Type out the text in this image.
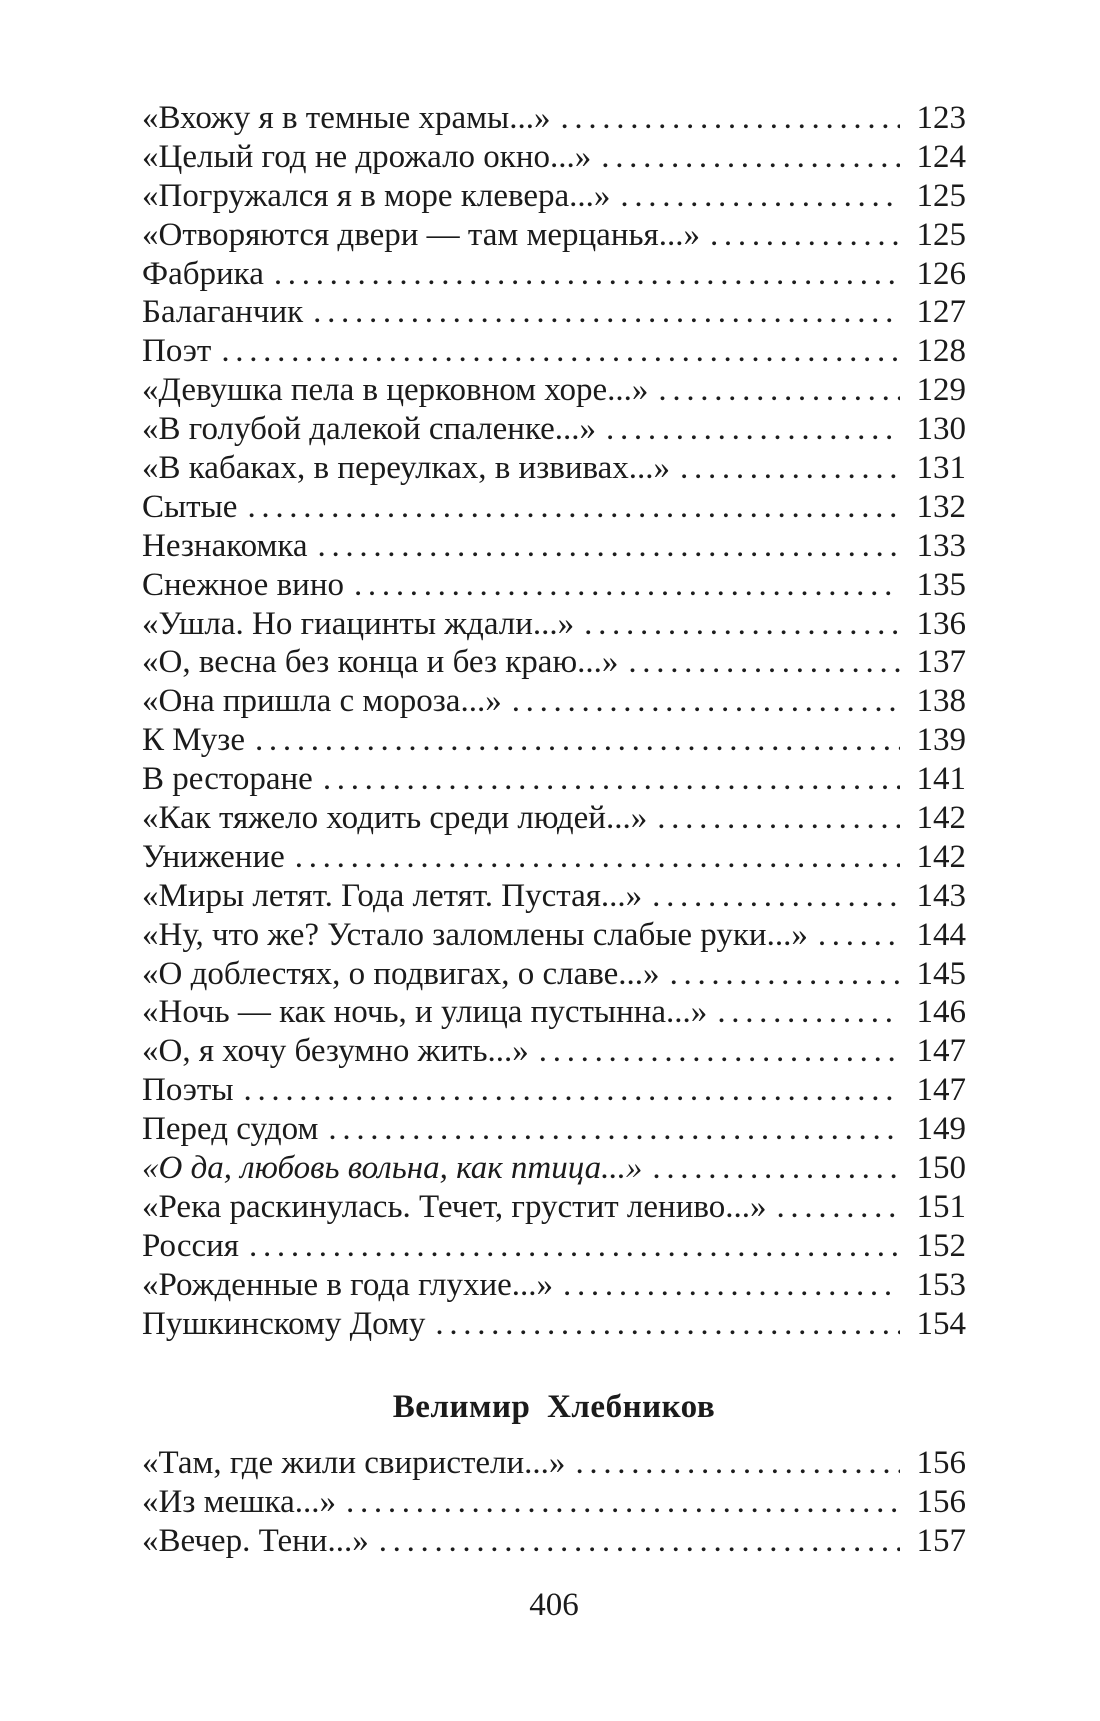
«Вхожу я в темные храмы...» .....	123
«Целый год не дрожало окно...» .....	124
«Погружался я в море клевера...» .....	125
«Отворяются двери — там мерцанья...» .....	125
Фабрика .....	126
Балаганчик .....	127
Поэт .....	128
«Девушка пела в церковном хоре...» .....	129
«В голубой далекой спаленке...» .....	130
«В кабаках, в переулках, в извивах...» .....	131
Сытые .....	132
Незнакомка .....	133
Снежное вино .....	135
«Ушла. Но гиацинты ждали...» .....	136
«О, весна без конца и без краю...» .....	137
«Она пришла с мороза...» .....	138
К Музе .....	139
В ресторане .....	141
«Как тяжело ходить среди людей...» .....	142
Унижение .....	142
«Миры летят. Года летят. Пустая...» .....	143
«Ну, что же? Устало заломлены слабые руки...» .....	144
«О доблестях, о подвигах, о славе...» .....	145
«Ночь — как ночь, и улица пустынна...» .....	146
«О, я хочу безумно жить...» .....	147
Поэты .....	147
Перед судом .....	149
«О да, любовь вольна, как птица...» .....	150
«Река раскинулась. Течет, грустит лениво...» .....	151
Россия .....	152
«Рожденные в года глухие...» .....	153
Пушкинскому Дому .....	154
Велимир Хлебников
«Там, где жили свиристели...» .....	156
«Из мешка...» .....	156
«Вечер. Тени...» .....	157
406
